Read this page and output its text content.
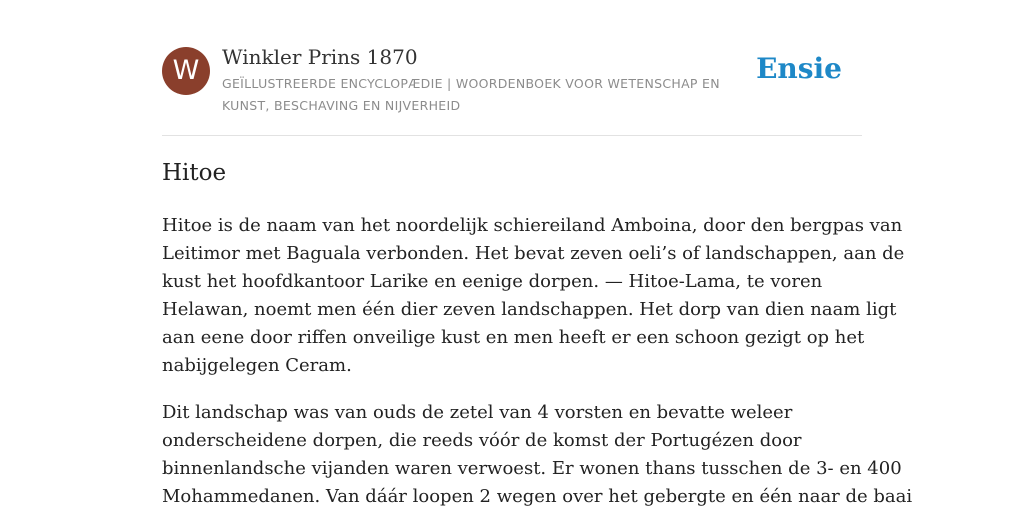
W	Winkler Prins 1870
GEÏLLUSTREERDE ENCYCLOPÆDIE | WOORDENBOEK VOOR WETENSCHAP EN KUNST, BESCHAVING EN NIJVERHEID
Ensie
Hitoe

Hitoe is de naam van het noordelijk schiereiland Amboina, door den bergpas van
Leitimor met Baguala verbonden. Het bevat zeven oeli’s of landschappen, aan de
kust het hoofdkantoor Larike en eenige dorpen. — Hitoe-Lama, te voren
Helawan, noemt men één dier zeven landschappen. Het dorp van dien naam ligt
aan eene door riffen onveilige kust en men heeft er een schoon gezigt op het
nabijgelegen Ceram.

Dit landschap was van ouds de zetel van 4 vorsten en bevatte weleer
onderscheidene dorpen, die reeds vóór de komst der Portugézen door
binnenlandsche vijanden waren verwoest. Er wonen thans tusschen de 3- en 400
Mohammedanen. Van dáár loopen 2 wegen over het gebergte en één naar de baai
